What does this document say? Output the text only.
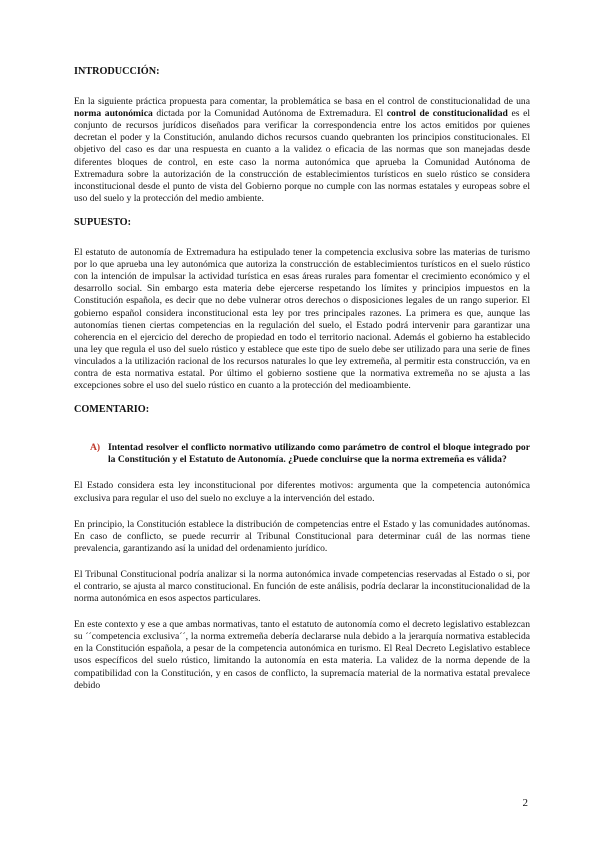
INTRODUCCIÓN:

En la siguiente práctica propuesta para comentar, la problemática se basa en el control de constitucionalidad de una norma autonómica dictada por la Comunidad Autónoma de Extremadura. El control de constitucionalidad es el conjunto de recursos jurídicos diseñados para verificar la correspondencia entre los actos emitidos por quienes decretan el poder y la Constitución, anulando dichos recursos cuando quebranten los principios constitucionales. El objetivo del caso es dar una respuesta en cuanto a la validez o eficacia de las normas que son manejadas desde diferentes bloques de control, en este caso la norma autonómica que aprueba la Comunidad Autónoma de Extremadura sobre la autorización de la construcción de establecimientos turísticos en suelo rústico se considera inconstitucional desde el punto de vista del Gobierno porque no cumple con las normas estatales y europeas sobre el uso del suelo y la protección del medio ambiente.

SUPUESTO:

El estatuto de autonomía de Extremadura ha estipulado tener la competencia exclusiva sobre las materias de turismo por lo que aprueba una ley autonómica que autoriza la construcción de establecimientos turísticos en el suelo rústico con la intención de impulsar la actividad turística en esas áreas rurales para fomentar el crecimiento económico y el desarrollo social. Sin embargo esta materia debe ejercerse respetando los límites y principios impuestos en la Constitución española, es decir que no debe vulnerar otros derechos o disposiciones legales de un rango superior. El gobierno español considera inconstitucional esta ley por tres principales razones. La primera es que, aunque las autonomías tienen ciertas competencias en la regulación del suelo, el Estado podrá intervenir para garantizar una coherencia en el ejercicio del derecho de propiedad en todo el territorio nacional. Además el gobierno ha establecido una ley que regula el uso del suelo rústico y establece que este tipo de suelo debe ser utilizado para una serie de fines vinculados a la utilización racional de los recursos naturales lo que ley extremeña, al permitir esta construcción, va en contra de esta normativa estatal. Por último el gobierno sostiene que la normativa extremeña no se ajusta a las excepciones sobre el uso del suelo rústico en cuanto a la protección del medioambiente.

COMENTARIO:
A) Intentad resolver el conflicto normativo utilizando como parámetro de control el bloque integrado por la Constitución y el Estatuto de Autonomía. ¿Puede concluirse que la norma extremeña es válida?

El Estado considera esta ley inconstitucional por diferentes motivos: argumenta que la competencia autonómica exclusiva para regular el uso del suelo no excluye a la intervención del estado.

En principio, la Constitución establece la distribución de competencias entre el Estado y las comunidades autónomas. En caso de conflicto, se puede recurrir al Tribunal Constitucional para determinar cuál de las normas tiene prevalencia, garantizando así la unidad del ordenamiento jurídico.

El Tribunal Constitucional podría analizar si la norma autonómica invade competencias reservadas al Estado o si, por el contrario, se ajusta al marco constitucional. En función de este análisis, podría declarar la inconstitucionalidad de la norma autonómica en esos aspectos particulares.

En este contexto y ese a que ambas normativas, tanto el estatuto de autonomía como el decreto legislativo establezcan su ´´competencia exclusiva´´, la norma extremeña debería declararse nula debido a la jerarquía normativa establecida en la Constitución española, a pesar de la competencia autonómica en turismo. El Real Decreto Legislativo establece usos específicos del suelo rústico, limitando la autonomía en esta materia. La validez de la norma depende de la compatibilidad con la Constitución, y en casos de conflicto, la supremacía material de la normativa estatal prevalece debido

2
